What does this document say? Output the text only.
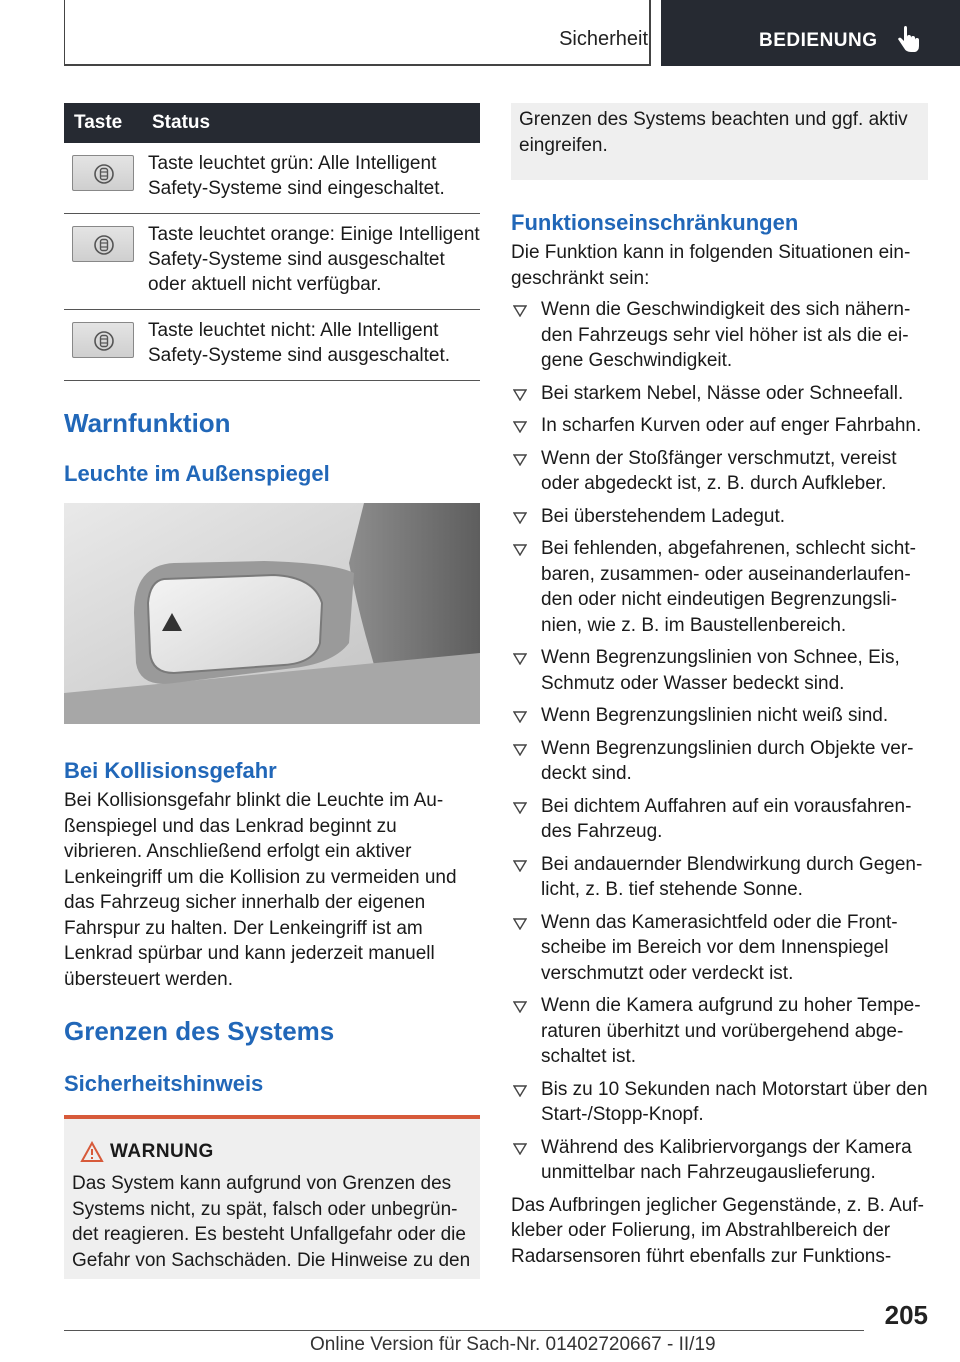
Sicherheit	BEDIENUNG
Taste	Status

	Taste leuchtet grün: Alle Intelligent Safety-Systeme sind eingeschaltet.

	Taste leuchtet orange: Einige Intelligent Safety-Systeme sind ausgeschaltet oder aktuell nicht verfügbar.

	Taste leuchtet nicht: Alle Intelligent Safety-Systeme sind ausgeschaltet.
Warnfunktion
Leuchte im Außenspiegel
Bei Kollisionsgefahr

Bei Kollisionsgefahr blinkt die Leuchte im Außenspiegel und das Lenkrad beginnt zu vibrieren. Anschließend erfolgt ein aktiver Lenkeingriff um die Kollision zu vermeiden und das Fahrzeug sicher innerhalb der eigenen Fahrspur zu halten. Der Lenkeingriff ist am Lenkrad spürbar und kann jederzeit manuell übersteuert werden.

Grenzen des Systems
Sicherheitshinweis
WARNUNG

Das System kann aufgrund von Grenzen des Systems nicht, zu spät, falsch oder unbegründet reagieren. Es besteht Unfallgefahr oder die Gefahr von Sachschäden. Die Hinweise zu den

Grenzen des Systems beachten und ggf. aktiv eingreifen.

Funktionseinschränkungen

Die Funktion kann in folgenden Situationen eingeschränkt sein:

Wenn die Geschwindigkeit des sich nähernden Fahrzeugs sehr viel höher ist als die eigene Geschwindigkeit.
Bei starkem Nebel, Nässe oder Schneefall.
In scharfen Kurven oder auf enger Fahrbahn.
Wenn der Stoßfänger verschmutzt, vereist oder abgedeckt ist, z. B. durch Aufkleber.
Bei überstehendem Ladegut.
Bei fehlenden, abgefahrenen, schlecht sichtbaren, zusammen- oder auseinanderlaufenden oder nicht eindeutigen Begrenzungslinien, wie z. B. im Baustellenbereich.
Wenn Begrenzungslinien von Schnee, Eis, Schmutz oder Wasser bedeckt sind.
Wenn Begrenzungslinien nicht weiß sind.
Wenn Begrenzungslinien durch Objekte verdeckt sind.
Bei dichtem Auffahren auf ein vorausfahrendes Fahrzeug.
Bei andauernder Blendwirkung durch Gegenlicht, z. B. tief stehende Sonne.
Wenn das Kamerasichtfeld oder die Frontscheibe im Bereich vor dem Innenspiegel verschmutzt oder verdeckt ist.
Wenn die Kamera aufgrund zu hoher Temperaturen überhitzt und vorübergehend abgeschaltet ist.
Bis zu 10 Sekunden nach Motorstart über den Start-/Stopp-Knopf.
Während des Kalibriervorgangs der Kamera unmittelbar nach Fahrzeugauslieferung.

Das Aufbringen jeglicher Gegenstände, z. B. Aufkleber oder Folierung, im Abstrahlbereich der Radarsensoren führt ebenfalls zur Funktions-

205
Online Version für Sach-Nr. 01402720667 - II/19
